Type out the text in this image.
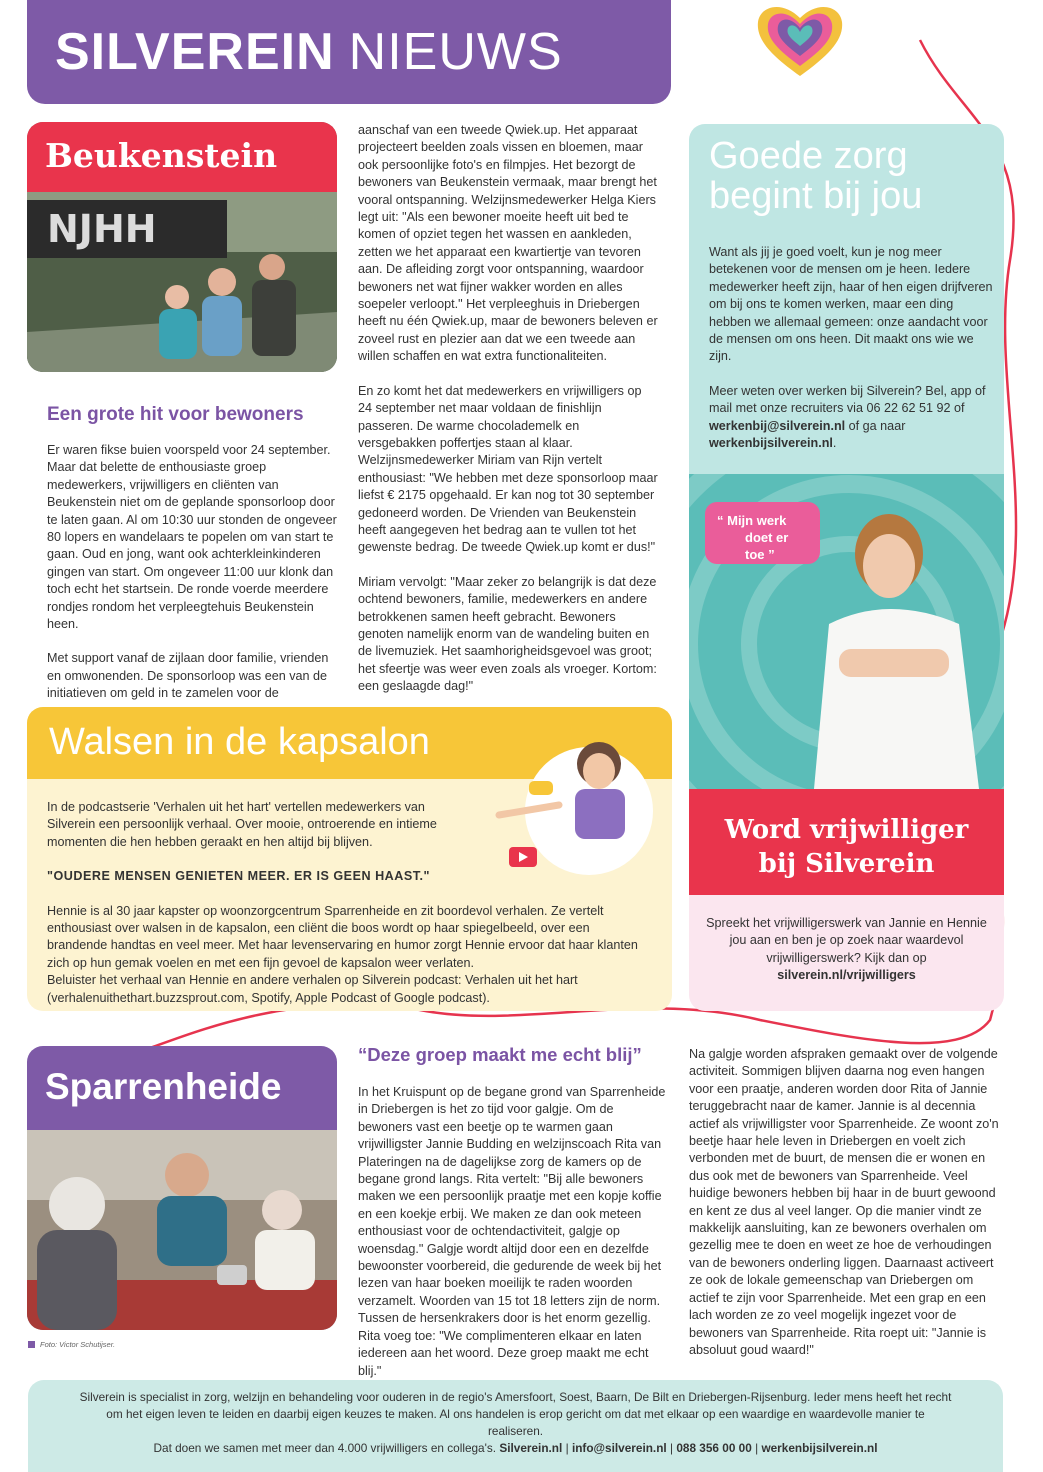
SILVEREIN NIEUWS
Beukenstein
NJHH
Een grote hit voor bewoners

Er waren fikse buien voorspeld voor 24 september. Maar dat belette de enthousiaste groep medewerkers, vrijwilligers en cliënten van Beukenstein niet om de geplande sponsorloop door te laten gaan. Al om 10:30 uur stonden de ongeveer 80 lopers en wandelaars te popelen om van start te gaan. Oud en jong, want ook achterkleinkinderen gingen van start. Om ongeveer 11:00 uur klonk dan toch echt het startsein. De ronde voerde meerdere rondjes rondom het verpleegtehuis Beukenstein heen.

Met support vanaf de zijlaan door familie, vrienden en omwonenden. De sponsorloop was een van de initiatieven om geld in te zamelen voor de

aanschaf van een tweede Qwiek.up. Het apparaat projecteert beelden zoals vissen en bloemen, maar ook persoonlijke foto's en filmpjes. Het bezorgt de bewoners van Beukenstein vermaak, maar brengt het vooral ontspanning. Welzijnsmedewerker Helga Kiers legt uit: "Als een bewoner moeite heeft uit bed te komen of opziet tegen het wassen en aankleden, zetten we het apparaat een kwartiertje van tevoren aan. De afleiding zorgt voor ontspanning, waardoor bewoners net wat fijner wakker worden en alles soepeler verloopt." Het verpleeghuis in Driebergen heeft nu één Qwiek.up, maar de bewoners beleven er zoveel rust en plezier aan dat we een tweede aan willen schaffen en wat extra functionaliteiten.

En zo komt het dat medewerkers en vrijwilligers op 24 september net maar voldaan de finishlijn passeren. De warme chocolademelk en versgebakken poffertjes staan al klaar. Welzijnsmedewerker Miriam van Rijn vertelt enthousiast: "We hebben met deze sponsorloop maar liefst € 2175 opgehaald. Er kan nog tot 30 september gedoneerd worden. De Vrienden van Beukenstein heeft aangegeven het bedrag aan te vullen tot het gewenste bedrag. De tweede Qwiek.up komt er dus!"

Miriam vervolgt: "Maar zeker zo belangrijk is dat deze ochtend bewoners, familie, medewerkers en andere betrokkenen samen heeft gebracht. Bewoners genoten namelijk enorm van de wandeling buiten en de livemuziek. Het saamhorigheidsgevoel was groot; het sfeertje was weer even zoals als vroeger. Kortom: een geslaagde dag!"

Goede zorg
begint bij jou

Want als jij je goed voelt, kun je nog meer betekenen voor de mensen om je heen. Iedere medewerker heeft zijn, haar of hen eigen drijfveren om bij ons te komen werken, maar een ding hebben we allemaal gemeen: onze aandacht voor de mensen om ons heen. Dit maakt ons wie we zijn.

Meer weten over werken bij Silverein? Bel, app of mail met onze recruiters via 06 22 62 51 92 of werkenbij@silverein.nl of ga naar werkenbijsilverein.nl.

“ Mijn werk
doet er toe ”
Word vrijwilliger
bij Silverein
Spreekt het vrijwilligerswerk van Jannie en Hennie jou aan en ben je op zoek naar waardevol vrijwilligerswerk? Kijk dan op silverein.nl/vrijwilligers
Walsen in de kapsalon

In de podcastserie 'Verhalen uit het hart' vertellen medewerkers van Silverein een persoonlijk verhaal. Over mooie, ontroerende en intieme momenten die hen hebben geraakt en hen altijd bij blijven.

"OUDERE MENSEN GENIETEN MEER. ER IS GEEN HAAST."

Hennie is al 30 jaar kapster op woonzorgcentrum Sparrenheide en zit boordevol verhalen. Ze vertelt enthousiast over walsen in de kapsalon, een cliënt die boos wordt op haar spiegelbeeld, over een brandende handtas en veel meer. Met haar levenservaring en humor zorgt Hennie ervoor dat haar klanten zich op hun gemak voelen en met een fijn gevoel de kapsalon weer verlaten.

Beluister het verhaal van Hennie en andere verhalen op Silverein podcast: Verhalen uit het hart (verhalenuithethart.buzzsprout.com, Spotify, Apple Podcast of Google podcast).

Sparrenheide
Foto: Victor Schutijser.
“Deze groep maakt me echt blij”

In het Kruispunt op de begane grond van Sparrenheide in Driebergen is het zo tijd voor galgje. Om de bewoners vast een beetje op te warmen gaan vrijwilligster Jannie Budding en welzijnscoach Rita van Plateringen na de dagelijkse zorg de kamers op de begane grond langs. Rita vertelt: "Bij alle bewoners maken we een persoonlijk praatje met een kopje koffie en een koekje erbij. We maken ze dan ook meteen enthousiast voor de ochtendactiviteit, galgje op woensdag." Galgje wordt altijd door een en dezelfde bewoonster voorbereid, die gedurende de week bij het lezen van haar boeken moeilijk te raden woorden verzamelt. Woorden van 15 tot 18 letters zijn de norm. Tussen de hersenkrakers door is het enorm gezellig. Rita voeg toe: "We complimenteren elkaar en laten iedereen aan het woord. Deze groep maakt me echt blij."

Na galgje worden afspraken gemaakt over de volgende activiteit. Sommigen blijven daarna nog even hangen voor een praatje, anderen worden door Rita of Jannie teruggebracht naar de kamer. Jannie is al decennia actief als vrijwilligster voor Sparrenheide. Ze woont zo'n beetje haar hele leven in Driebergen en voelt zich verbonden met de buurt, de mensen die er wonen en dus ook met de bewoners van Sparrenheide. Veel huidige bewoners hebben bij haar in de buurt gewoond en kent ze dus al veel langer. Op die manier vindt ze makkelijk aansluiting, kan ze bewoners overhalen om gezellig mee te doen en weet ze hoe de verhoudingen van de bewoners onderling liggen. Daarnaast activeert ze ook de lokale gemeenschap van Driebergen om actief te zijn voor Sparrenheide. Met een grap en een lach worden ze zo veel mogelijk ingezet voor de bewoners van Sparrenheide. Rita roept uit: "Jannie is absoluut goud waard!"

Silverein is specialist in zorg, welzijn en behandeling voor ouderen in de regio's Amersfoort, Soest, Baarn, De Bilt en Driebergen-Rijsenburg. Ieder mens heeft het recht om het eigen leven te leiden en daarbij eigen keuzes te maken. Al ons handelen is erop gericht om dat met elkaar op een waardige en waardevolle manier te realiseren.
Dat doen we samen met meer dan 4.000 vrijwilligers en collega's. Silverein.nl | info@silverein.nl | 088 356 00 00 | werkenbijsilverein.nl
